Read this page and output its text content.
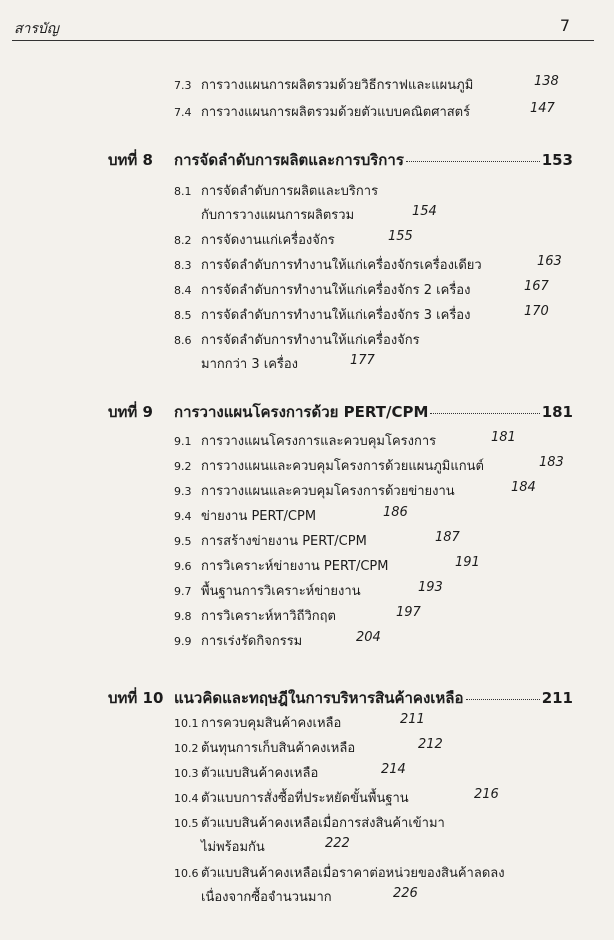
สารบัญ	7
7.3 การวางแผนการผลิตรวมด้วยวิธีกราฟและแผนภูมิ	138
7.4 การวางแผนการผลิตรวมด้วยตัวแบบคณิตศาสตร์	147
บทที่ 8	การจัดลำดับการผลิตและการบริการ	153
8.1 การจัดลำดับการผลิตและบริการ
กับการวางแผนการผลิตรวม	154
8.2 การจัดงานแก่เครื่องจักร	155
8.3 การจัดลำดับการทำงานให้แก่เครื่องจักรเครื่องเดียว	163
8.4 การจัดลำดับการทำงานให้แก่เครื่องจักร 2 เครื่อง	167
8.5 การจัดลำดับการทำงานให้แก่เครื่องจักร 3 เครื่อง	170
8.6 การจัดลำดับการทำงานให้แก่เครื่องจักร
มากกว่า 3 เครื่อง	177
บทที่ 9	การวางแผนโครงการด้วย PERT/CPM	181
9.1 การวางแผนโครงการและควบคุมโครงการ	181
9.2 การวางแผนและควบคุมโครงการด้วยแผนภูมิแกนต์	183
9.3 การวางแผนและควบคุมโครงการด้วยข่ายงาน	184
9.4 ข่ายงาน PERT/CPM	186
9.5 การสร้างข่ายงาน PERT/CPM	187
9.6 การวิเคราะห์ข่ายงาน PERT/CPM	191
9.7 พื้นฐานการวิเคราะห์ข่ายงาน	193
9.8 การวิเคราะห์หาวิถีวิกฤต	197
9.9 การเร่งรัดกิจกรรม	204
บทที่ 10 แนวคิดและทฤษฎีในการบริหารสินค้าคงเหลือ	211
10.1 การควบคุมสินค้าคงเหลือ	211
10.2 ต้นทุนการเก็บสินค้าคงเหลือ	212
10.3 ตัวแบบสินค้าคงเหลือ	214
10.4 ตัวแบบการสั่งซื้อที่ประหยัดขั้นพื้นฐาน	216
10.5 ตัวแบบสินค้าคงเหลือเมื่อการส่งสินค้าเข้ามา
ไม่พร้อมกัน	222
10.6 ตัวแบบสินค้าคงเหลือเมื่อราคาต่อหน่วยของสินค้าลดลง
เนื่องจากซื้อจำนวนมาก	226
